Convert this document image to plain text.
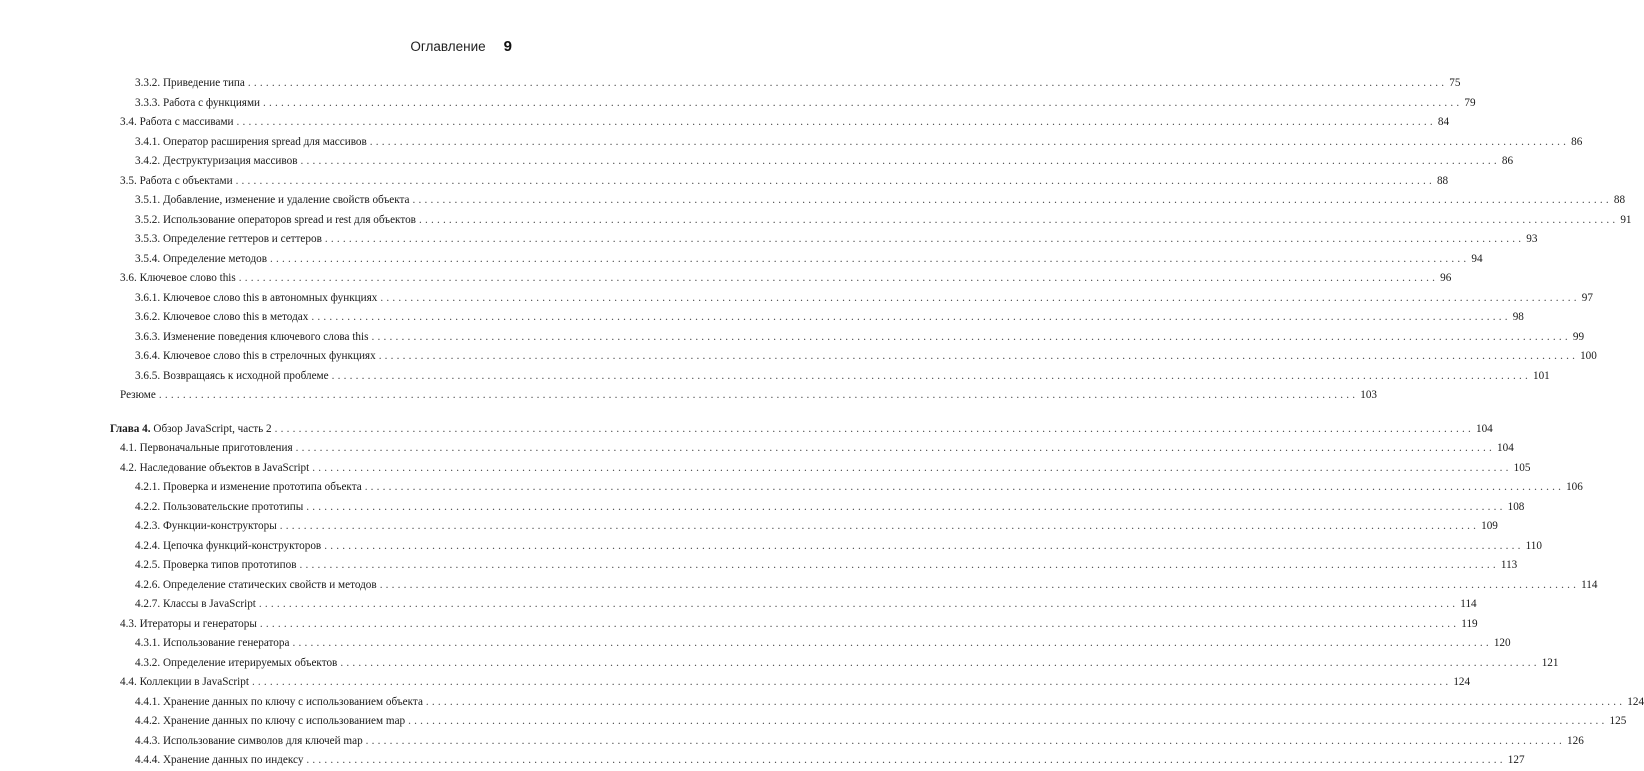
Оглавление 9
3.3.2. Приведение типа ........................................................................................................................................................................................................ 75
3.3.3. Работа с функциями ........................................................................................................................................................................................................ 79
3.4. Работа с массивами ........................................................................................................................................................................................................ 84
3.4.1. Оператор расширения spread для массивов ........................................................................................................................................................................................................ 86
3.4.2. Деструктуризация массивов ........................................................................................................................................................................................................ 86
3.5. Работа с объектами ........................................................................................................................................................................................................ 88
3.5.1. Добавление, изменение и удаление свойств объекта ........................................................................................................................................................................................................ 88
3.5.2. Использование операторов spread и rest для объектов ........................................................................................................................................................................................................ 91
3.5.3. Определение геттеров и сеттеров ........................................................................................................................................................................................................ 93
3.5.4. Определение методов ........................................................................................................................................................................................................ 94
3.6. Ключевое слово this ........................................................................................................................................................................................................ 96
3.6.1. Ключевое слово this в автономных функциях ........................................................................................................................................................................................................ 97
3.6.2. Ключевое слово this в методах ........................................................................................................................................................................................................ 98
3.6.3. Изменение поведения ключевого слова this ........................................................................................................................................................................................................ 99
3.6.4. Ключевое слово this в стрелочных функциях ........................................................................................................................................................................................................ 100
3.6.5. Возвращаясь к исходной проблеме ........................................................................................................................................................................................................ 101
Резюме ........................................................................................................................................................................................................ 103
Глава 4. Обзор JavaScript, часть 2 ........................................................................................................................................................................................................ 104
4.1. Первоначальные приготовления ........................................................................................................................................................................................................ 104
4.2. Наследование объектов в JavaScript ........................................................................................................................................................................................................ 105
4.2.1. Проверка и изменение прототипа объекта ........................................................................................................................................................................................................ 106
4.2.2. Пользовательские прототипы ........................................................................................................................................................................................................ 108
4.2.3. Функции-конструкторы ........................................................................................................................................................................................................ 109
4.2.4. Цепочка функций-конструкторов ........................................................................................................................................................................................................ 110
4.2.5. Проверка типов прототипов ........................................................................................................................................................................................................ 113
4.2.6. Определение статических свойств и методов ........................................................................................................................................................................................................ 114
4.2.7. Классы в JavaScript ........................................................................................................................................................................................................ 114
4.3. Итераторы и генераторы ........................................................................................................................................................................................................ 119
4.3.1. Использование генератора ........................................................................................................................................................................................................ 120
4.3.2. Определение итерируемых объектов ........................................................................................................................................................................................................ 121
4.4. Коллекции в JavaScript ........................................................................................................................................................................................................ 124
4.4.1. Хранение данных по ключу с использованием объекта ........................................................................................................................................................................................................ 124
4.4.2. Хранение данных по ключу с использованием map ........................................................................................................................................................................................................ 125
4.4.3. Использование символов для ключей map ........................................................................................................................................................................................................ 126
4.4.4. Хранение данных по индексу ........................................................................................................................................................................................................ 127
